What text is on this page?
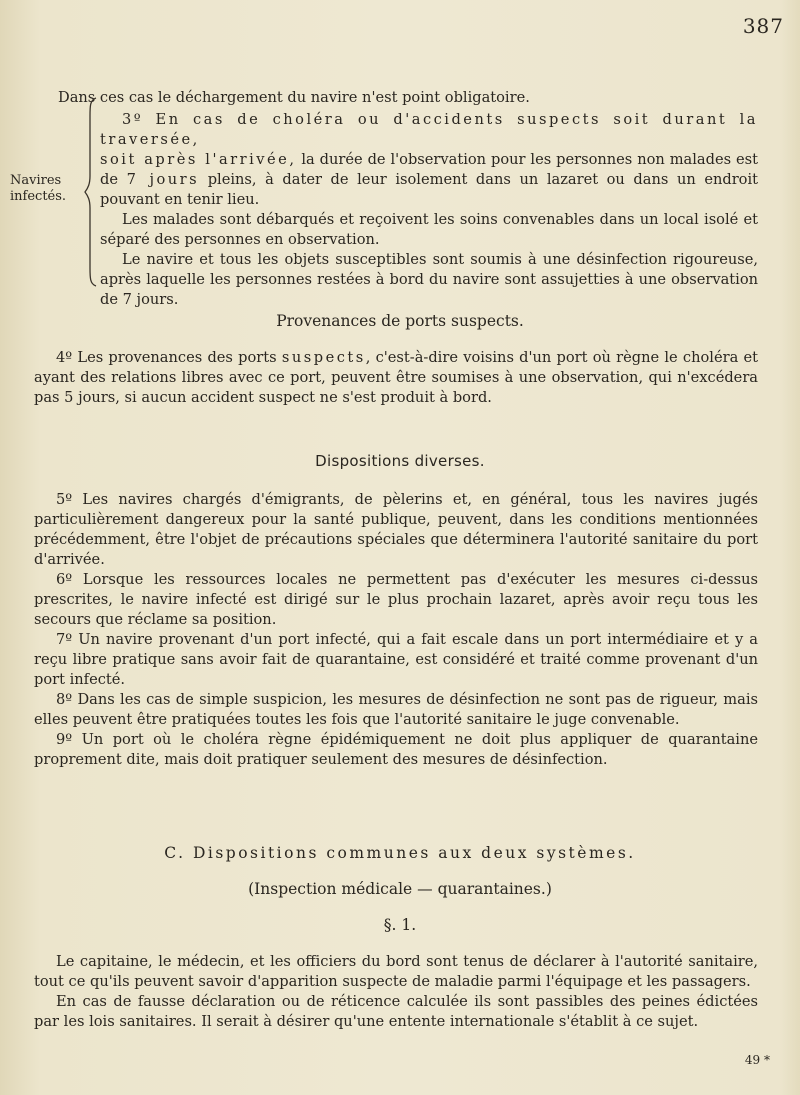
387

Dans ces cas le déchargement du navire n'est point obligatoire.

Navires
infectés.

3º En cas de choléra ou d'accidents suspects soit durant la traversée,

soit après l'arrivée, la durée de l'observation pour les personnes non malades est de 7 jours pleins, à dater de leur isolement dans un lazaret ou dans un endroit pouvant en tenir lieu.

Les malades sont débarqués et reçoivent les soins convenables dans un local isolé et séparé des personnes en observation.

Le navire et tous les objets susceptibles sont soumis à une désinfection rigoureuse, après laquelle les personnes restées à bord du navire sont assujetties à une observation de 7 jours.

Provenances de ports suspects.

4º Les provenances des ports suspects, c'est-à-dire voisins d'un port où règne le choléra et ayant des relations libres avec ce port, peuvent être soumises à une observation, qui n'excédera pas 5 jours, si aucun accident suspect ne s'est produit à bord.

Dispositions diverses.

5º Les navires chargés d'émigrants, de pèlerins et, en général, tous les navires jugés particulièrement dangereux pour la santé publique, peuvent, dans les conditions mentionnées précédemment, être l'objet de précautions spéciales que déterminera l'autorité sanitaire du port d'arrivée.

6º Lorsque les ressources locales ne permettent pas d'exécuter les mesures ci-dessus prescrites, le navire infecté est dirigé sur le plus prochain lazaret, après avoir reçu tous les secours que réclame sa position.

7º Un navire provenant d'un port infecté, qui a fait escale dans un port intermédiaire et y a reçu libre pratique sans avoir fait de quarantaine, est considéré et traité comme provenant d'un port infecté.

8º Dans les cas de simple suspicion, les mesures de désinfection ne sont pas de rigueur, mais elles peuvent être pratiquées toutes les fois que l'autorité sanitaire le juge convenable.

9º Un port où le choléra règne épidémiquement ne doit plus appliquer de quarantaine proprement dite, mais doit pratiquer seulement des mesures de désinfection.

C. Dispositions communes aux deux systèmes.
(Inspection médicale — quarantaines.)
§. 1.

Le capitaine, le médecin, et les officiers du bord sont tenus de déclarer à l'autorité sanitaire, tout ce qu'ils peuvent savoir d'apparition suspecte de maladie parmi l'équipage et les passagers.

En cas de fausse déclaration ou de réticence calculée ils sont passibles des peines édictées par les lois sanitaires. Il serait à désirer qu'une entente internationale s'établit à ce sujet.

49 *
